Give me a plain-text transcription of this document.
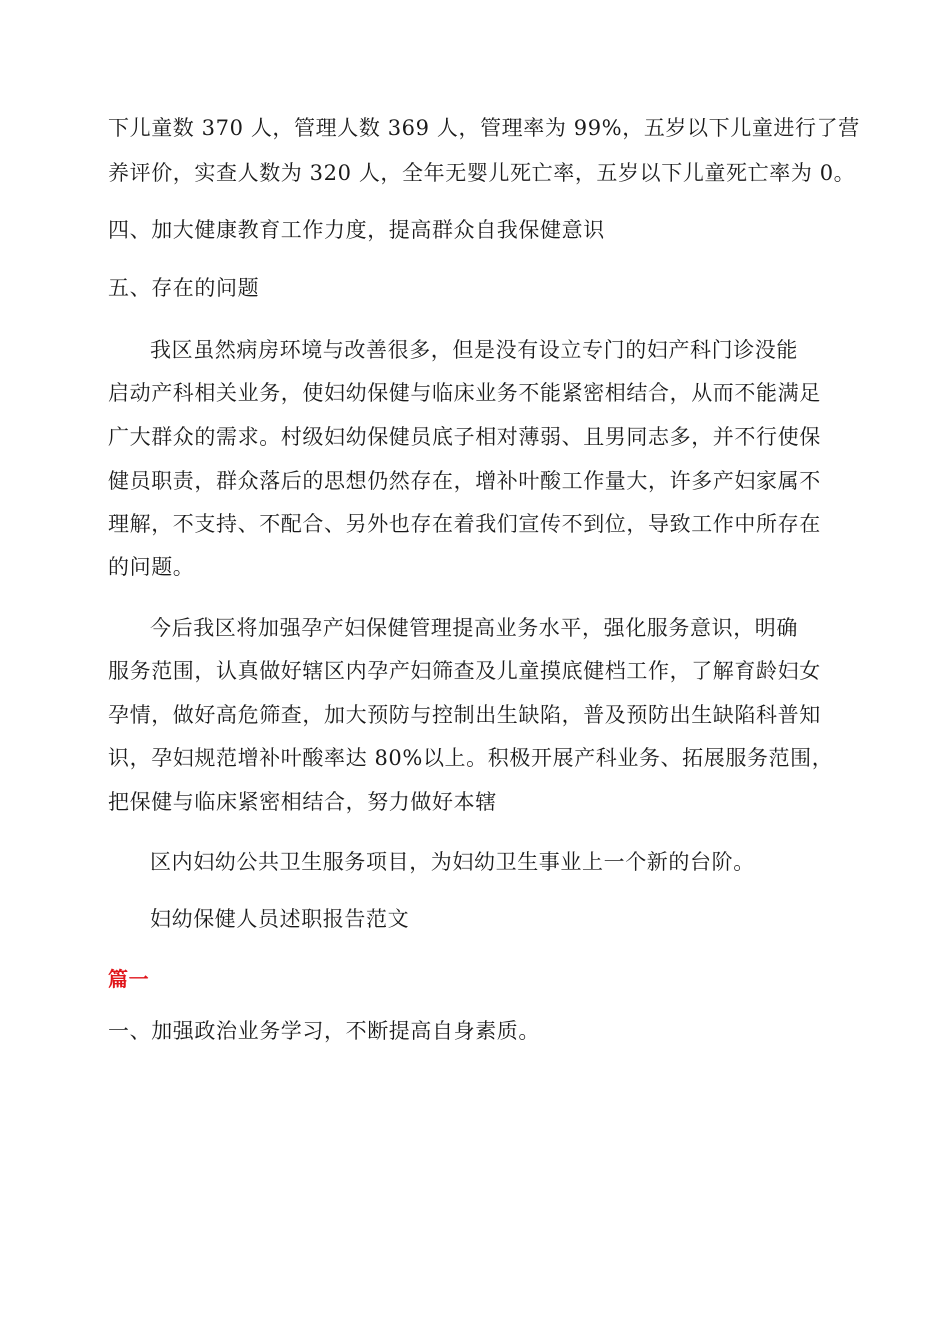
下儿童数 370 人，管理人数 369 人，管理率为 99%，五岁以下儿童进行了营
养评价，实查人数为 320 人，全年无婴儿死亡率，五岁以下儿童死亡率为 0。
四、加大健康教育工作力度，提高群众自我保健意识
五、存在的问题
我区虽然病房环境与改善很多，但是没有设立专门的妇产科门诊没能
启动产科相关业务，使妇幼保健与临床业务不能紧密相结合，从而不能满足
广大群众的需求。村级妇幼保健员底子相对薄弱、且男同志多，并不行使保
健员职责，群众落后的思想仍然存在，增补叶酸工作量大，许多产妇家属不
理解，不支持、不配合、另外也存在着我们宣传不到位，导致工作中所存在
的问题。
今后我区将加强孕产妇保健管理提高业务水平，强化服务意识，明确
服务范围，认真做好辖区内孕产妇筛查及儿童摸底健档工作，了解育龄妇女
孕情，做好高危筛查，加大预防与控制出生缺陷，普及预防出生缺陷科普知
识，孕妇规范增补叶酸率达 80%以上。积极开展产科业务、拓展服务范围，
把保健与临床紧密相结合，努力做好本辖
区内妇幼公共卫生服务项目，为妇幼卫生事业上一个新的台阶。
妇幼保健人员述职报告范文
篇一
一、加强政治业务学习，不断提高自身素质。
